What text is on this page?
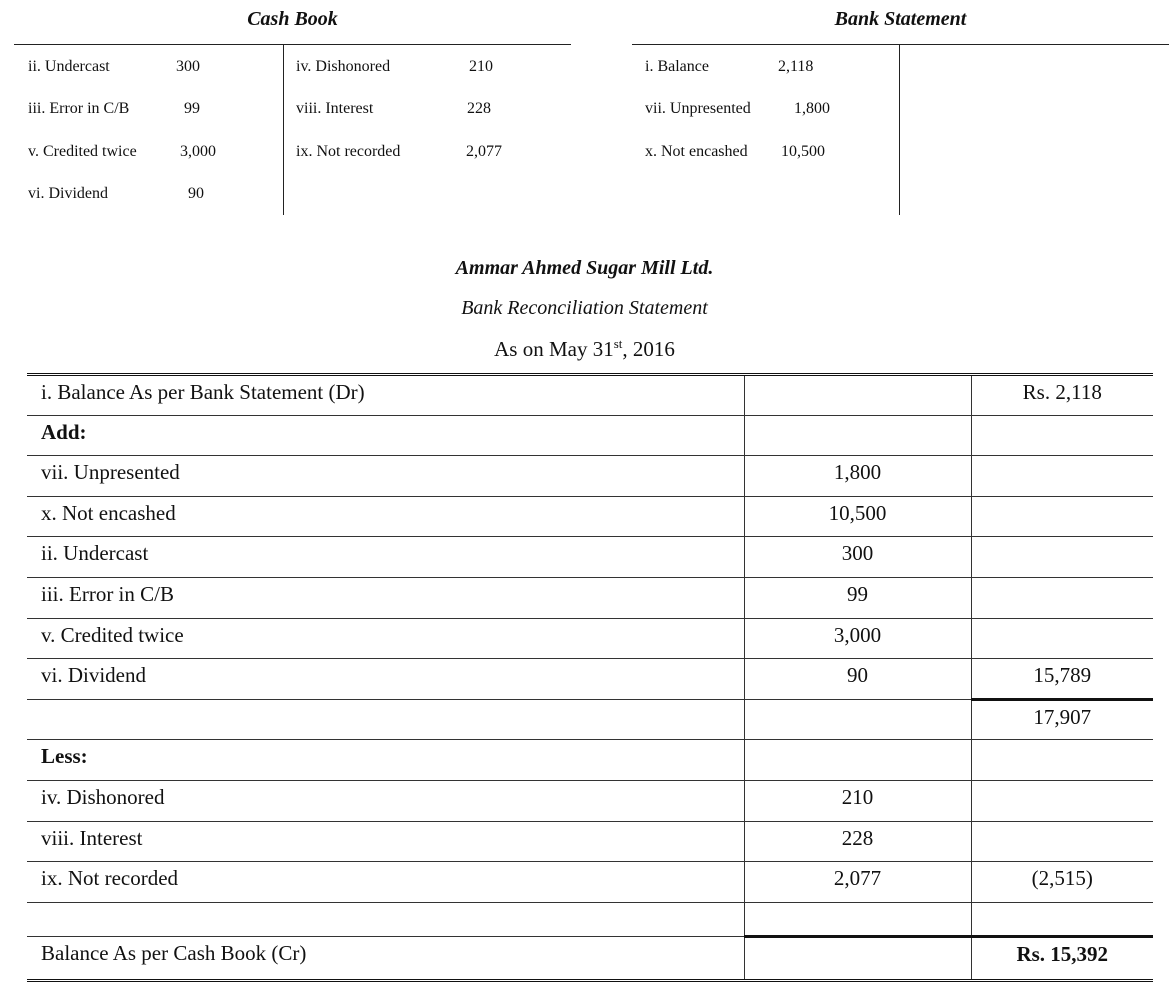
Cash Book
ii. Undercast	300
iii. Error in C/B	99
v. Credited twice	3,000
vi. Dividend	90
iv. Dishonored	210
viii. Interest	228
ix. Not recorded	2,077
Bank Statement
i. Balance	2,118
vii. Unpresented	1,800
x. Not encashed 10,500
Ammar Ahmed Sugar Mill Ltd.
Bank Reconciliation Statement
As on May 31st, 2016
i. Balance As per Bank Statement (Dr)		Rs. 2,118
Add:		
vii. Unpresented	1,800	
x. Not encashed	10,500	
ii. Undercast	300	
iii. Error in C/B	99	
v. Credited twice	3,000	
vi. Dividend	90	15,789
		17,907
Less:		
iv. Dishonored	210	
viii. Interest	228	
ix. Not recorded	2,077	(2,515)

Balance As per Cash Book (Cr)		Rs. 15,392
